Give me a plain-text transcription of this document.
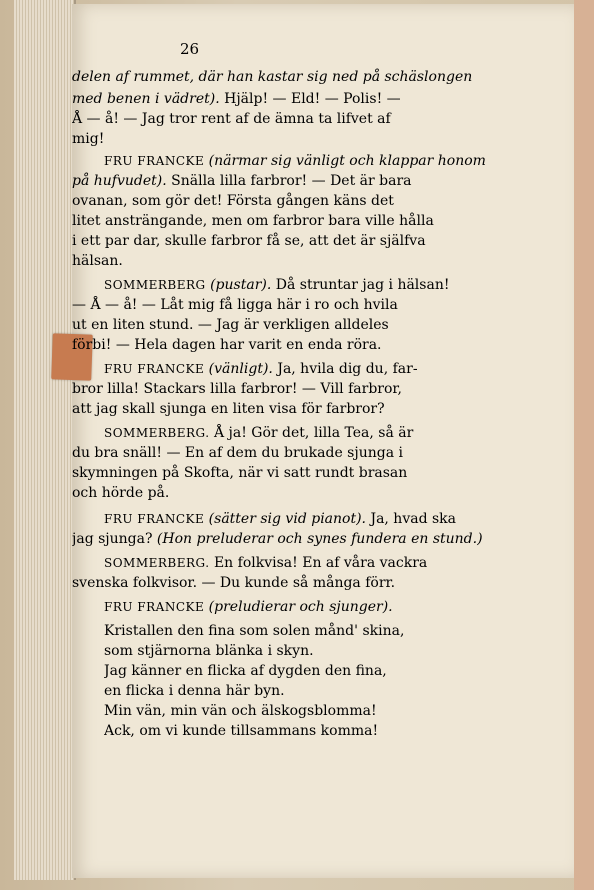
26
delen af rummet, där han kastar sig ned på schäslongen
med benen i vädret). Hjälp! — Eld! — Polis! —
Å — å! — Jag tror rent af de ämna ta lifvet af
mig!
FRU FRANCKE (närmar sig vänligt och klappar honom
på hufvudet). Snälla lilla farbror! — Det är bara
ovanan, som gör det! Första gången käns det
litet ansträngande, men om farbror bara ville hålla
i ett par dar, skulle farbror få se, att det är själfva
hälsan.
SOMMERBERG (pustar). Då struntar jag i hälsan!
— Å — å! — Låt mig få ligga här i ro och hvila
ut en liten stund. — Jag är verkligen alldeles
förbi! — Hela dagen har varit en enda röra.
FRU FRANCKE (vänligt). Ja, hvila dig du, far-
bror lilla! Stackars lilla farbror! — Vill farbror,
att jag skall sjunga en liten visa för farbror?
SOMMERBERG. Å ja! Gör det, lilla Tea, så är
du bra snäll! — En af dem du brukade sjunga i
skymningen på Skofta, när vi satt rundt brasan
och hörde på.
FRU FRANCKE (sätter sig vid pianot). Ja, hvad ska
jag sjunga? (Hon preluderar och synes fundera en stund.)
SOMMERBERG. En folkvisa! En af våra vackra
svenska folkvisor. — Du kunde så många förr.
FRU FRANCKE (preludierar och sjunger).
Kristallen den fina som solen månd' skina,
som stjärnorna blänka i skyn.
Jag känner en flicka af dygden den fina,
en flicka i denna här byn.
Min vän, min vän och älskogsblomma!
Ack, om vi kunde tillsammans komma!
